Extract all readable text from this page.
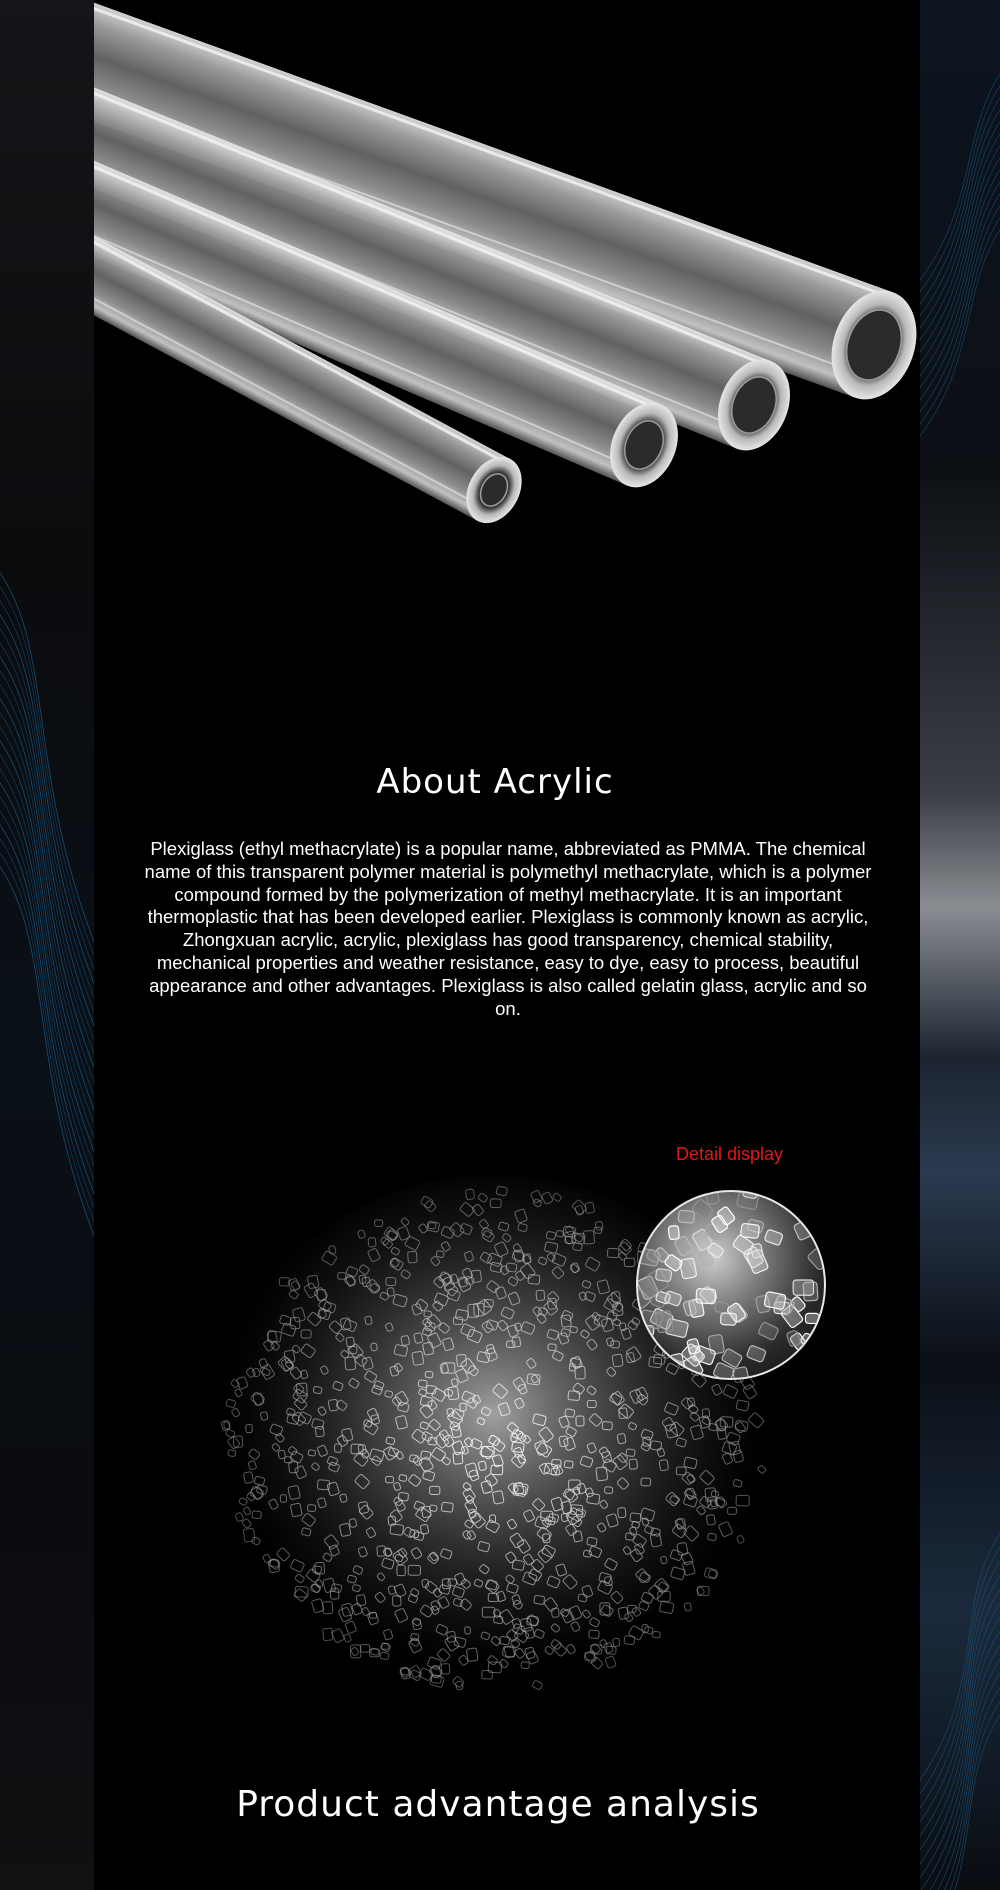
About Acrylic

Plexiglass (ethyl methacrylate) is a popular name, abbreviated as PMMA. The chemical name of this transparent polymer material is polymethyl methacrylate, which is a polymer compound formed by the polymerization of methyl methacrylate. It is an important thermoplastic that has been developed earlier. Plexiglass is commonly known as acrylic, Zhongxuan acrylic, acrylic, plexiglass has good transparency, chemical stability, mechanical properties and weather resistance, easy to dye, easy to process, beautiful appearance and other advantages. Plexiglass is also called gelatin glass, acrylic and so on.

Detail display
Product advantage analysis
